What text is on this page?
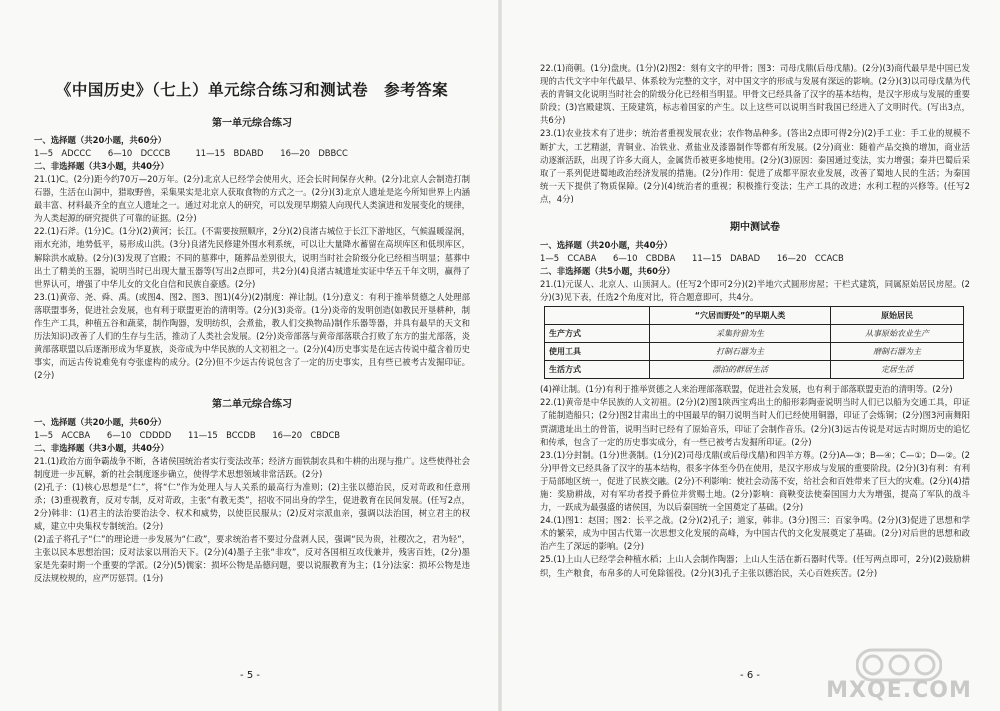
《中国历史》（七上）单元综合练习和测试卷　参考答案
第一单元综合练习

一、选择题（共20小题，共60分）

1—5　ADCCC　　6—10　DCCCB　　　11—15　BDABD　　16—20　DBBCC

二、非选择题（共3小题，共40分）

21.(1)C。(2分)距今约70万—20万年。(2分)北京人已经学会使用火，还会长时间保存火种。(2分)北京人会制造打制石器，生活在山洞中，猎取野兽，采集果实是北京人获取食物的方式之一。(2分)(3)北京人遗址是迄今所知世界上内涵最丰富、材料最齐全的直立人遗址之一。通过对北京人的研究，可以发现早期猿人向现代人类演进和发展变化的规律，为人类起源的研究提供了可靠的证据。(2分)

22.(1)石斧。(1分)C。(1分)(2)黄河；长江。(不需要按照顺序，2分)(2)良渚古城位于长江下游地区，气候温暖湿润，雨水充沛，地势低平，易形成山洪。(3分)良渚先民修建外围水利系统，可以让大量降水蓄留在高坝库区和低坝库区，解除洪水威胁。(2分)(3)发现了宫殿；不同的墓葬中，随葬品差别很大，说明当时社会阶级分化已经相当明显；墓葬中出土了精美的玉器，说明当时已出现大量玉器等(写出2点即可，共2分)(4)良渚古城遗址实证中华五千年文明，赢得了世界认可，增强了中华儿女的文化自信和民族自豪感。(2分)

23.(1)黄帝、尧、舜、禹。(或图4、图2、图3、图1)(4分)(2)制度：禅让制。(1分)意义：有利于推举贤德之人处理部落联盟事务，促进社会发展，也有利于联盟更治的清明等。(2分)(3)炎帝。(1分)炎帝的发明创造(如教民开垦耕种，制作生产工具，种植五谷和蔬菜，制作陶器，发明纺织，会煮盐，教人们交换物品)制作乐器等器，并具有最早的天文和历法知识)改善了人们的生存与生活，推动了人类社会发展。(2分)炎帝部落与黄帝部落联合打败了东方的蚩尤部落，炎黄部落联盟以后逐渐形成为华夏族，炎帝成为中华民族的人文初祖之一。(2分)(4)历史事实是在远古传说中蕴含着历史事实，而远古传说难免有夸张虚构的成分。(2分)但不少远古传说包含了一定的历史事实，且有些已被考古发掘印证。(2分)

第二单元综合练习

一、选择题（共20小题，共60分）

1—5　ACCBA　　6—10　CDDDD　　11—15　BCCDB　　16—20　CBDCB

二、非选择题（共3小题，共40分）

21.(1)政治方面争霸战争不断，各诸侯国统治者实行变法改革；经济方面铁制农具和牛耕的出现与推广。这些使得社会制度进一步瓦解，新的社会制度逐步确立，使得学术思想领域非常活跃。(2分)

(2)孔子：(1)核心思想是“仁”，将“仁”作为处理人与人关系的最高行为准则；(2)主张以德治民，反对苛政和任意刑杀；(3)重视教育，反对专制，反对苛政，主张“有教无类”，招收不同出身的学生，促进教育在民间发展。(任写2点，2分)韩非：(1)君主的法治要治法令、权术和威势，以使臣民服从；(2)反对宗派血亲，强调以法治国，树立君主的权威，建立中央集权专制统治。(2分)

(2)孟子将孔子“仁”的理论进一步发展为“仁政”，要求统治者不要过分盘剥人民，强调“民为贵，社稷次之，君为轻”，主张以民本思想治国；反对法家以刑治天下。(2分)(4)墨子主张“非攻”，反对各国相互攻伐兼并，残害百姓，(2分)墨家是先秦时期一个重要的学派。(2分)(5)儒家：损坏公物是品德问题，要以说服教育为主；(1分)法家：损坏公物是违反法规校规的，应严厉惩罚。(1分)

- 5 -

22.(1)商朝。(1分)盘庚。(1分)(2)图2：刻有文字的甲骨；图3：司母戊鼎(后母戊鼎)。(2分)(3)商代最早是中国已发现的古代文字中年代最早、体系较为完整的文字，对中国文字的形成与发展有深远的影响。(2分)(3)以司母戊鼎为代表的青铜文化说明当时社会的阶级分化已经相当明显。甲骨文已经具备了汉字的基本结构，是汉字形成与发展的重要阶段；(3)宫殿建筑、王陵建筑，标志着国家的产生。以上这些可以说明当时我国已经进入了文明时代。(写出3点，共6分)

23.(1)农业技术有了进步；统治者重视发展农业；农作物品种多。(答出2点即可得2分)(2)手工业：手工业的规模不断扩大，工艺精湛，青铜业、冶铁业、煮盐业及漆器制作等都有所发展。(2分)商业：随着产品交换的增加，商业活动逐渐活跃，出现了许多大商人，金属货币被更多地使用。(2分)(3)原因：秦国通过变法，实力增强；秦并巴蜀后采取了一系列促进蜀地政治经济发展的措施。(2分)作用：促进了成都平原农业发展，改善了蜀地人民的生活；为秦国统一天下提供了物质保障。(2分)(4)统治者的重视；积极推行变法；生产工具的改进；水利工程的兴修等。(任写2点，4分)

期中测试卷

一、选择题（共20小题，共40分）

1—5　CCABA　　6—10　CBDBA　　11—15　DABAD　　16—20　CCACB

二、非选择题（共5小题，共60分）

21.(1)元谋人、北京人、山顶洞人。(任写2个即可2分)(2)半地穴式圆形房屋；干栏式建筑，同属原始居民房屋。(2分)(3)见下表，任选2个角度对比，符合题意即可，共4分。

	“穴居而野处”的早期人类	原始居民
生产方式	采集狩猎为生	从事原始农业生产
使用工具	打制石器为主	磨制石器为主
生活方式	漂泊的群居生活	定居生活

(4)禅让制。(1分)有利于推举贤德之人来治理部落联盟，促进社会发展，也有利于部落联盟吏治的清明等。(2分)

22.(1)黄帝是中华民族的人文初祖。(2分)(2)图1陕西宝鸡出土的船形彩陶壶说明当时人们已以船为交通工具，印证了能制造船只；(2分)图2甘肃出土的中国最早的铜刀说明当时人们已经使用铜器，印证了会炼铜；(2分)图3河南舞阳贾湖遗址出土的骨笛，说明当时已经有了原始音乐，印证了会制作音乐。(2分)(3)远古传说是对远古时期历史的追忆和传承，包含了一定的历史事实成分，有一些已被考古发掘所印证。(2分)

23.(1)分封制。(1分)世袭制。(1分)(2)司母戊鼎(或后母戊鼎)和四羊方尊。(2分)A—③；B—④；C—①；D—②。(2分)甲骨文已经具备了汉字的基本结构，很多字体至今仍在使用，是汉字形成与发展的重要阶段。(2分)(3)有利：有利于局部地区统一，促进了民族交融。(2分)不利影响：使社会动荡不安，给社会和百姓带来了巨大的灾难。(2分)(4)措施：奖励耕战，对有军功者授予爵位并赏赐土地。(2分)影响：商鞅变法使秦国国力大为增强，提高了军队的战斗力，一跃成为最强盛的诸侯国，为以后秦国统一全国奠定了基础。(2分)

24.(1)图1：赵国；图2：长平之战。(2分)(2)孔子；道家，韩非。(3分)图三：百家争鸣。(2分)(3)促进了思想和学术的繁荣，成为中国古代第一次思想文化发展的高峰，为中国古代的文化发展奠定了基础。(2分)对后世的思想和政治产生了深远的影响。(2分)

25.(1)上山人已经学会种植水稻；上山人会制作陶器；上山人生活在新石器时代等。(任写两点即可，2分)(2)鼓励耕织，生产粮食，布帛多的人可免除徭役。(2分)(3)孔子主张以德治民，关心百姓疾苦。(2分)

- 6 -
MXQE.COM
